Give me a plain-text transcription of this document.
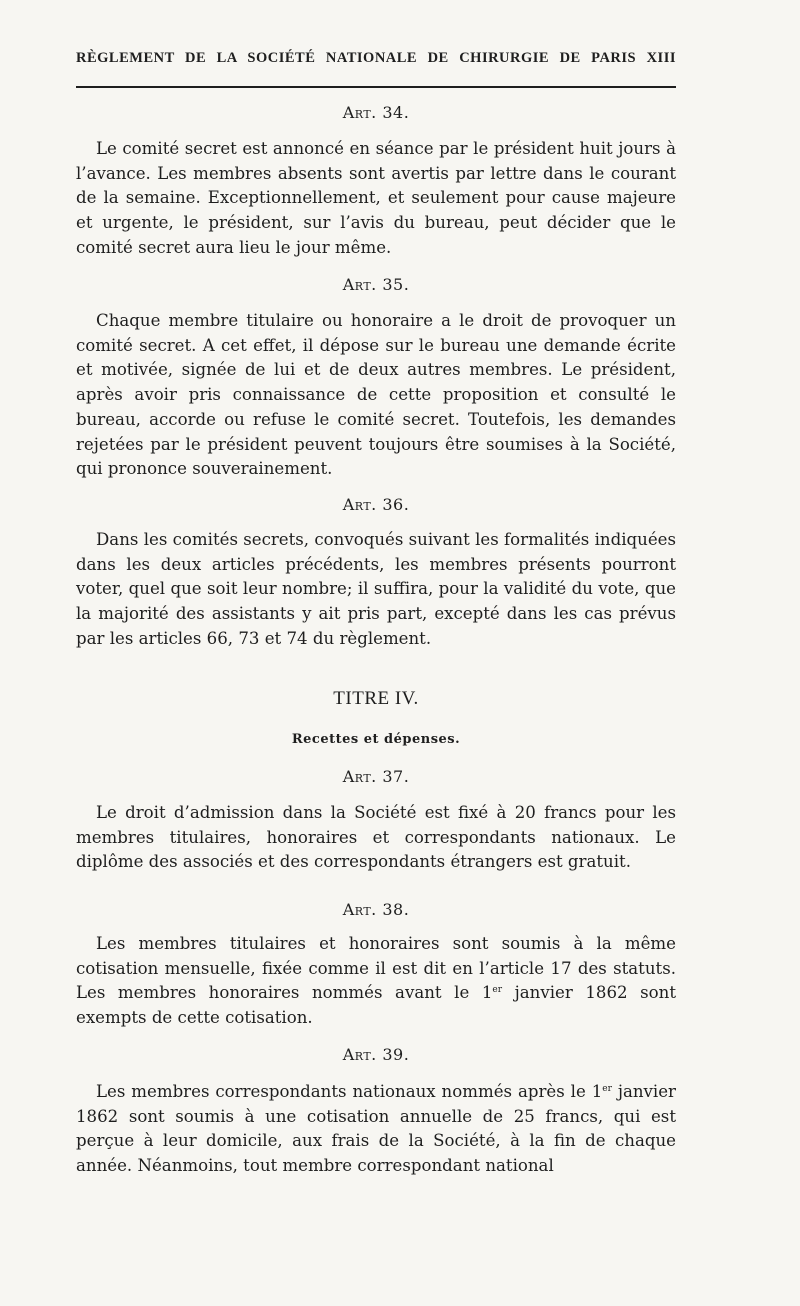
RÈGLEMENT DE LA SOCIÉTÉ NATIONALE DE CHIRURGIE DE PARIS XIII
Art. 34.

Le comité secret est annoncé en séance par le président huit jours à l’avance. Les membres absents sont avertis par lettre dans le courant de la semaine. Exceptionnellement, et seulement pour cause majeure et urgente, le président, sur l’avis du bureau, peut décider que le comité secret aura lieu le jour même.

Art. 35.

Chaque membre titulaire ou honoraire a le droit de provoquer un comité secret. A cet effet, il dépose sur le bureau une demande écrite et motivée, signée de lui et de deux autres membres. Le président, après avoir pris connaissance de cette proposition et consulté le bureau, accorde ou refuse le comité secret. Toutefois, les demandes rejetées par le président peuvent toujours être soumises à la Société, qui prononce souverainement.

Art. 36.

Dans les comités secrets, convoqués suivant les formalités indiquées dans les deux articles précédents, les membres présents pourront voter, quel que soit leur nombre; il suffira, pour la validité du vote, que la majorité des assistants y ait pris part, excepté dans les cas prévus par les articles 66, 73 et 74 du règlement.

TITRE IV.
Recettes et dépenses.
Art. 37.

Le droit d’admission dans la Société est fixé à 20 francs pour les membres titulaires, honoraires et correspondants nationaux. Le diplôme des associés et des correspondants étrangers est gratuit.

Art. 38.

Les membres titulaires et honoraires sont soumis à la même cotisation mensuelle, fixée comme il est dit en l’article 17 des statuts. Les membres honoraires nommés avant le 1er janvier 1862 sont exempts de cette cotisation.

Art. 39.

Les membres correspondants nationaux nommés après le 1er janvier 1862 sont soumis à une cotisation annuelle de 25 francs, qui est perçue à leur domicile, aux frais de la Société, à la fin de chaque année. Néanmoins, tout membre correspondant national
